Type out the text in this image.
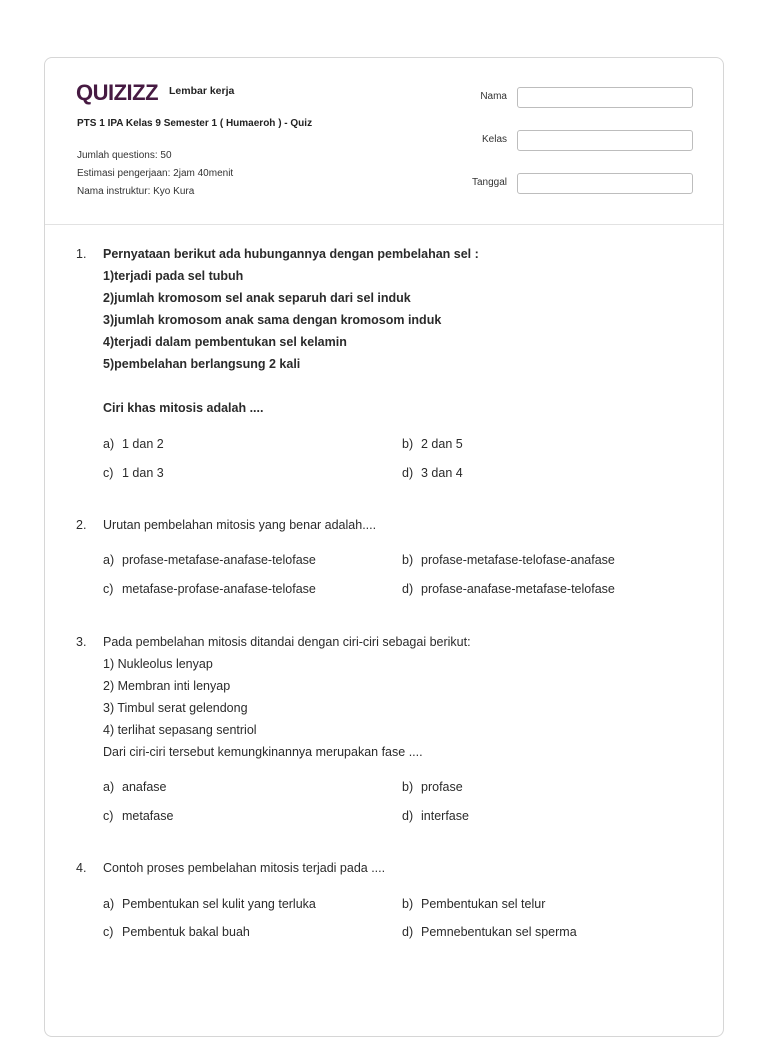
QUIZIZZ Lembar kerja
PTS 1 IPA Kelas 9 Semester 1 ( Humaeroh ) - Quiz
Jumlah questions: 50
Estimasi pengerjaan: 2jam 40menit
Nama instruktur: Kyo Kura
Nama
Kelas
Tanggal
1.	Pernyataan berikut ada hubungannya dengan pembelahan sel :
1)terjadi pada sel tubuh
2)jumlah kromosom sel anak separuh dari sel induk
3)jumlah kromosom anak sama dengan kromosom induk
4)terjadi dalam pembentukan sel kelamin
5)pembelahan berlangsung 2 kali
Ciri khas mitosis adalah ....
a) 1 dan 2	b) 2 dan 5
c) 1 dan 3	d) 3 dan 4
2.	Urutan pembelahan mitosis yang benar adalah....
a) profase-metafase-anafase-telofase	b) profase-metafase-telofase-anafase
c) metafase-profase-anafase-telofase	d) profase-anafase-metafase-telofase
3.	Pada pembelahan mitosis ditandai dengan ciri-ciri sebagai berikut:
1) Nukleolus lenyap
2) Membran inti lenyap
3) Timbul serat gelendong
4) terlihat sepasang sentriol
Dari ciri-ciri tersebut kemungkinannya merupakan fase ....
a) anafase	b) profase
c) metafase	d) interfase
4.	Contoh proses pembelahan mitosis terjadi pada ....
a) Pembentukan sel kulit yang terluka	b) Pembentukan sel telur
c) Pembentuk bakal buah	d) Pemnebentukan sel sperma
